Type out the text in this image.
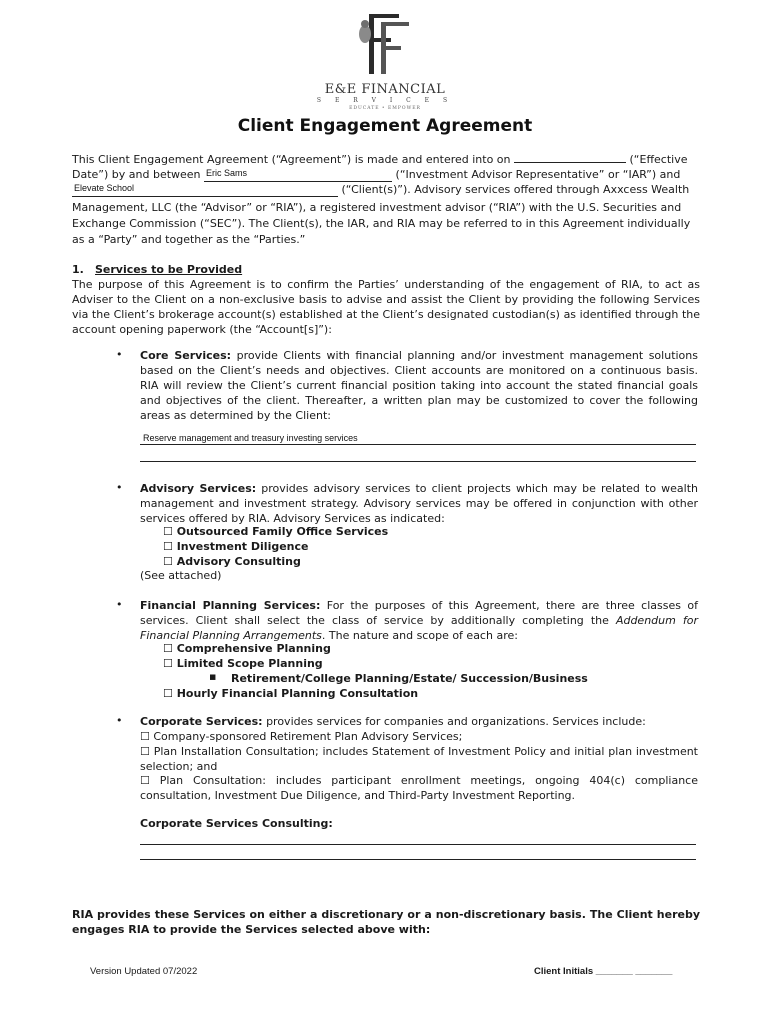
E&E FINANCIAL
S E R V I C E S
EDUCATE • EMPOWER
Client Engagement Agreement
This Client Engagement Agreement (“Agreement”) is made and entered into on	(“Effective
Date”) by and between Eric Sams	(“Investment Advisor Representative” or “IAR”) and
Elevate School	(“Client(s)”). Advisory services offered through Axxcess Wealth
Management, LLC (the “Advisor” or “RIA”), a registered investment advisor (“RIA”) with the U.S. Securities and
Exchange Commission (“SEC”). The Client(s), the IAR, and RIA may be referred to in this Agreement individually
as a “Party” and together as the “Parties.”
1. Services to be Provided
The purpose of this Agreement is to confirm the Parties’ understanding of the engagement of RIA, to act as Adviser to the Client on a non-exclusive basis to advise and assist the Client by providing the following Services via the Client’s brokerage account(s) established at the Client’s designated custodian(s) as identified through the account opening paperwork (the “Account[s]”):
• Core Services: provide Clients with financial planning and/or investment management solutions based on the Client’s needs and objectives. Client accounts are monitored on a continuous basis. RIA will review the Client’s current financial position taking into account the stated financial goals and objectives of the client. Thereafter, a written plan may be customized to cover the following areas as determined by the Client:
Reserve management and treasury investing services
• Advisory Services: provides advisory services to client projects which may be related to wealth management and investment strategy. Advisory services may be offered in conjunction with other services offered by RIA. Advisory Services as indicated:
☐ Outsourced Family Office Services
☐ Investment Diligence
☐ Advisory Consulting
(See attached)
• Financial Planning Services: For the purposes of this Agreement, there are three classes of services. Client shall select the class of service by additionally completing the Addendum for Financial Planning Arrangements. The nature and scope of each are:
☐ Comprehensive Planning
☐ Limited Scope Planning
▪ Retirement/College Planning/Estate/ Succession/Business
☐ Hourly Financial Planning Consultation
• Corporate Services: provides services for companies and organizations. Services include:
☐ Company-sponsored Retirement Plan Advisory Services;
☐ Plan Installation Consultation; includes Statement of Investment Policy and initial plan investment selection; and
☐ Plan Consultation: includes participant enrollment meetings, ongoing 404(c) compliance consultation, Investment Due Diligence, and Third-Party Investment Reporting.
Corporate Services Consulting:
RIA provides these Services on either a discretionary or a non-discretionary basis. The Client hereby engages RIA to provide the Services selected above with:
Version Updated 07/2022	Client Initials _______ _______
